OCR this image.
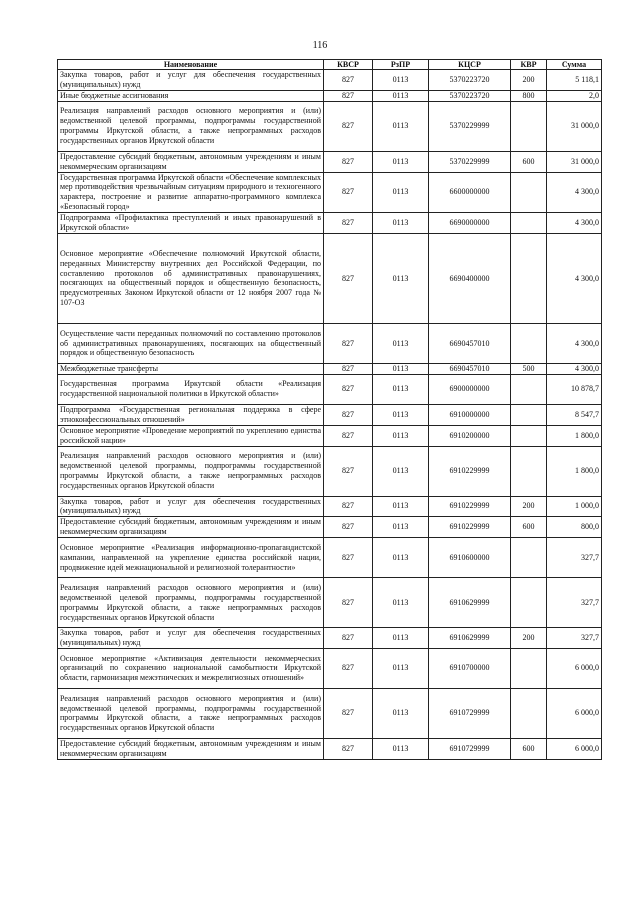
116
Наименование	КВСР	РзПР	КЦСР	КВР	Сумма
Закупка товаров, работ и услуг для обеспечения государственных (муниципальных) нужд	827	0113	5370223720	200	5 118,1
Иные бюджетные ассигнования	827	0113	5370223720	800	2,0
Реализация направлений расходов основного мероприятия и (или) ведомственной целевой программы, подпрограммы государственной программы Иркутской области, а также непрограммных расходов государственных органов Иркутской области	827	0113	5370229999		31 000,0
Предоставление субсидий бюджетным, автономным учреждениям и иным некоммерческим организациям	827	0113	5370229999	600	31 000,0
Государственная программа Иркутской области «Обеспечение комплексных мер противодействия чрезвычайным ситуациям природного и техногенного характера, построение и развитие аппаратно-программного комплекса «Безопасный город»	827	0113	6600000000		4 300,0
Подпрограмма «Профилактика преступлений и иных правонарушений в Иркутской области»	827	0113	6690000000		4 300,0
Основное мероприятие «Обеспечение полномочий Иркутской области, переданных Министерству внутренних дел Российской Федерации, по составлению протоколов об административных правонарушениях, посягающих на общественный порядок и общественную безопасность, предусмотренных Законом Иркутской области от 12 ноября 2007 года № 107-ОЗ	827	0113	6690400000		4 300,0
Осуществление части переданных полномочий по составлению протоколов об административных правонарушениях, посягающих на общественный порядок и общественную безопасность	827	0113	6690457010		4 300,0
Межбюджетные трансферты	827	0113	6690457010	500	4 300,0
Государственная программа Иркутской области «Реализация государственной национальной политики в Иркутской области»	827	0113	6900000000		10 878,7
Подпрограмма «Государственная региональная поддержка в сфере этноконфессиональных отношений»	827	0113	6910000000		8 547,7
Основное мероприятие «Проведение мероприятий по укреплению единства российской нации»	827	0113	6910200000		1 800,0
Реализация направлений расходов основного мероприятия и (или) ведомственной целевой программы, подпрограммы государственной программы Иркутской области, а также непрограммных расходов государственных органов Иркутской области	827	0113	6910229999		1 800,0
Закупка товаров, работ и услуг для обеспечения государственных (муниципальных) нужд	827	0113	6910229999	200	1 000,0
Предоставление субсидий бюджетным, автономным учреждениям и иным некоммерческим организациям	827	0113	6910229999	600	800,0
Основное мероприятие «Реализация информационно-пропагандистской кампании, направленной на укрепление единства российской нации, продвижение идей межнациональной и религиозной толерантности»	827	0113	6910600000		327,7
Реализация направлений расходов основного мероприятия и (или) ведомственной целевой программы, подпрограммы государственной программы Иркутской области, а также непрограммных расходов государственных органов Иркутской области	827	0113	6910629999		327,7
Закупка товаров, работ и услуг для обеспечения государственных (муниципальных) нужд	827	0113	6910629999	200	327,7
Основное мероприятие «Активизация деятельности некоммерческих организаций по сохранению национальной самобытности Иркутской области, гармонизация межэтнических и межрелигиозных отношений»	827	0113	6910700000		6 000,0
Реализация направлений расходов основного мероприятия и (или) ведомственной целевой программы, подпрограммы государственной программы Иркутской области, а также непрограммных расходов государственных органов Иркутской области	827	0113	6910729999		6 000,0
Предоставление субсидий бюджетным, автономным учреждениям и иным некоммерческим организациям	827	0113	6910729999	600	6 000,0
